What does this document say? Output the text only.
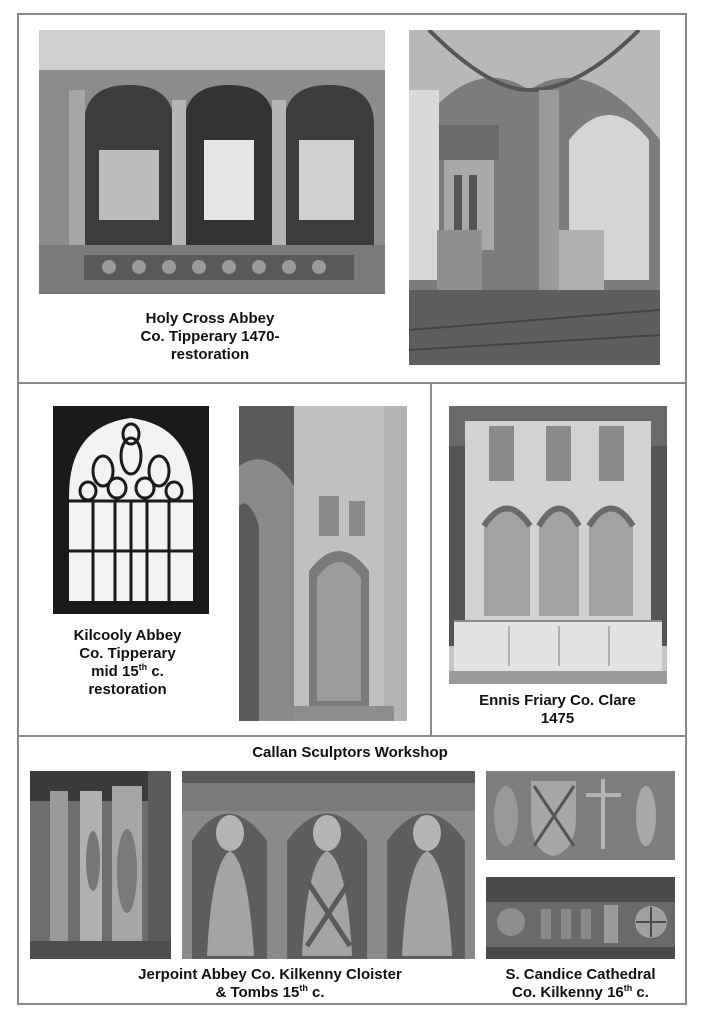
Holy Cross Abbey
Co. Tipperary 1470-
restoration
Kilcooly Abbey
Co. Tipperary
mid 15th c.
restoration
Ennis Friary Co. Clare
1475
Callan Sculptors Workshop
Jerpoint Abbey Co. Kilkenny Cloister
& Tombs 15th c.
S. Candice Cathedral
Co. Kilkenny 16th c.
